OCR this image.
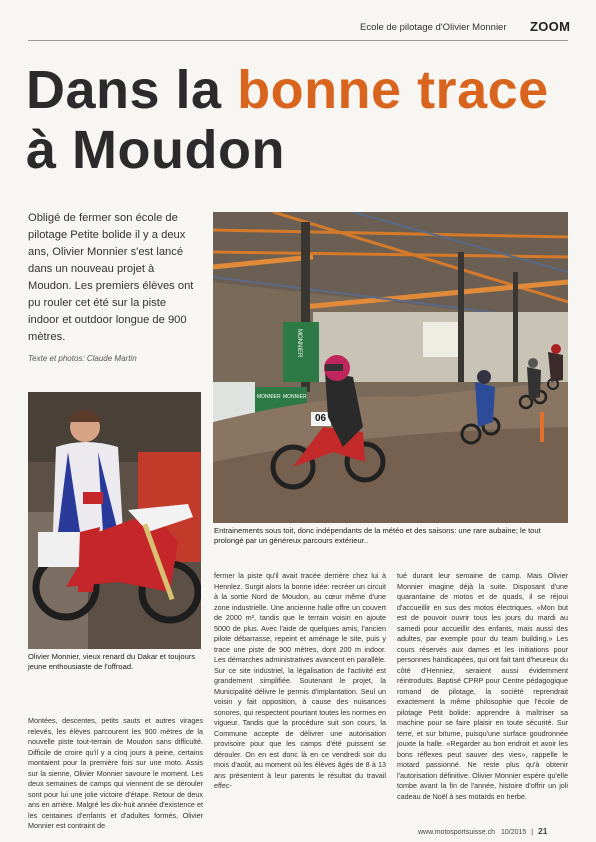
Ecole de pilotage d'Olivier Monnier ZOOM
Dans la bonne trace
à Moudon
Obligé de fermer son école de pilotage Petite bolide il y a deux ans, Olivier Monnier s'est lancé dans un nouveau projet à Moudon. Les premiers élèves ont pu rouler cet été sur la piste indoor et outdoor longue de 900 mètres.
Texte et photos: Claude Martin
MONNIER
MONNIER MONNIER
06
Entrainements sous toit, donc indépendants de la météo et des saisons: une rare aubaine; le tout prolongé par un généreux parcours extérieur..
Olivier Monnier, vieux renard du Dakar et toujours jeune enthousiaste de l'offroad.
Montées, descentes, petits sauts et autres virages relevés, les élèves parcourent les 900 mètres de la nouvelle piste tout-terrain de Moudon sans difficulté. Difficile de croire qu'il y a cinq jours à peine, certains montaient pour la première fois sur une moto. Assis sur la sienne, Olivier Monnier savoure le moment. Les deux semaines de camps qui viennent de se dérouler sont pour lui une jolie victoire d'étape. Retour de deux ans en arrière. Malgré les dix-huit année d'existence et les centaines d'enfants et d'adultes formés, Olivier Monnier est contraint de
fermer la piste qu'il avait tracée derrière chez lui à Hennlez. Surgit alors la bonne idée: recréer un circuit à la sortie Nord de Moudon, au cœur même d'une zone industrielle. Une ancienne halle offre un couvert de 2000 m², tandis que le terrain voisin en ajoute 5000 de plus. Avec l'aide de quelques amis, l'ancien pilote débarrasse, repeint et aménage le site, puis y trace une piste de 900 mètres, dont 200 m indoor. Les démarches administratives avancent en parallèle. Sur ce site industriel, la légalisation de l'activité est grandement simplifiée. Soutenant le projet, la Municipalité délivre le permis d'implantation. Seul un voisin y fait opposition, à cause des nuisances sonores, qui respectent pourtant toutes les normes en vigueur. Tandis que la procédure suit son cours, la Commune accepte de délivrer une autorisation provisoire pour que les camps d'été puissent se dérouler. On en est donc là en ce vendredi soir du mois d'août, au moment où les élèves âgés de 8 à 13 ans présentent à leur parents le résultat du travail effec-
tué durant leur semaine de camp. Mais Olivier Monnier imagine déjà la suite. Disposant d'une quarantaine de motos et de quads, il se réjoui d'accueillir en sus des motos électriques. «Mon but est de pouvoir ouvrir tous les jours du mardi au samedi pour accueillir des enfants, mais aussi des adultes, par exemple pour du team building.» Les cours réservés aux dames et les initiations pour personnes handicapées, qui ont fait tant d'heureux du côté d'Henniez, seraient aussi évidemment réintroduits. Baptisé CPRP pour Centre pédagogique romand de pilotage, la société reprendrait exactement la même philosophie que l'école de pilotage Petit bolide: apprendre à maîtriser sa machine pour se faire plaisir en toute sécurité. Sur terre, et sur bitume, puisqu'une surface goudronnée jouxte la halle. «Regarder au bon endroit et avoir les bons réflexes peut sauver des vies», rappelle le motard passionné. Ne reste plus qu'à obtenir l'autorisation définitive. Olivier Monnier espère qu'elle tombe avant la fin de l'année, histoire d'offrir un joli cadeau de Noël à ses motards en herbe.
www.motosportsuisse.ch 10/2015 | 21
